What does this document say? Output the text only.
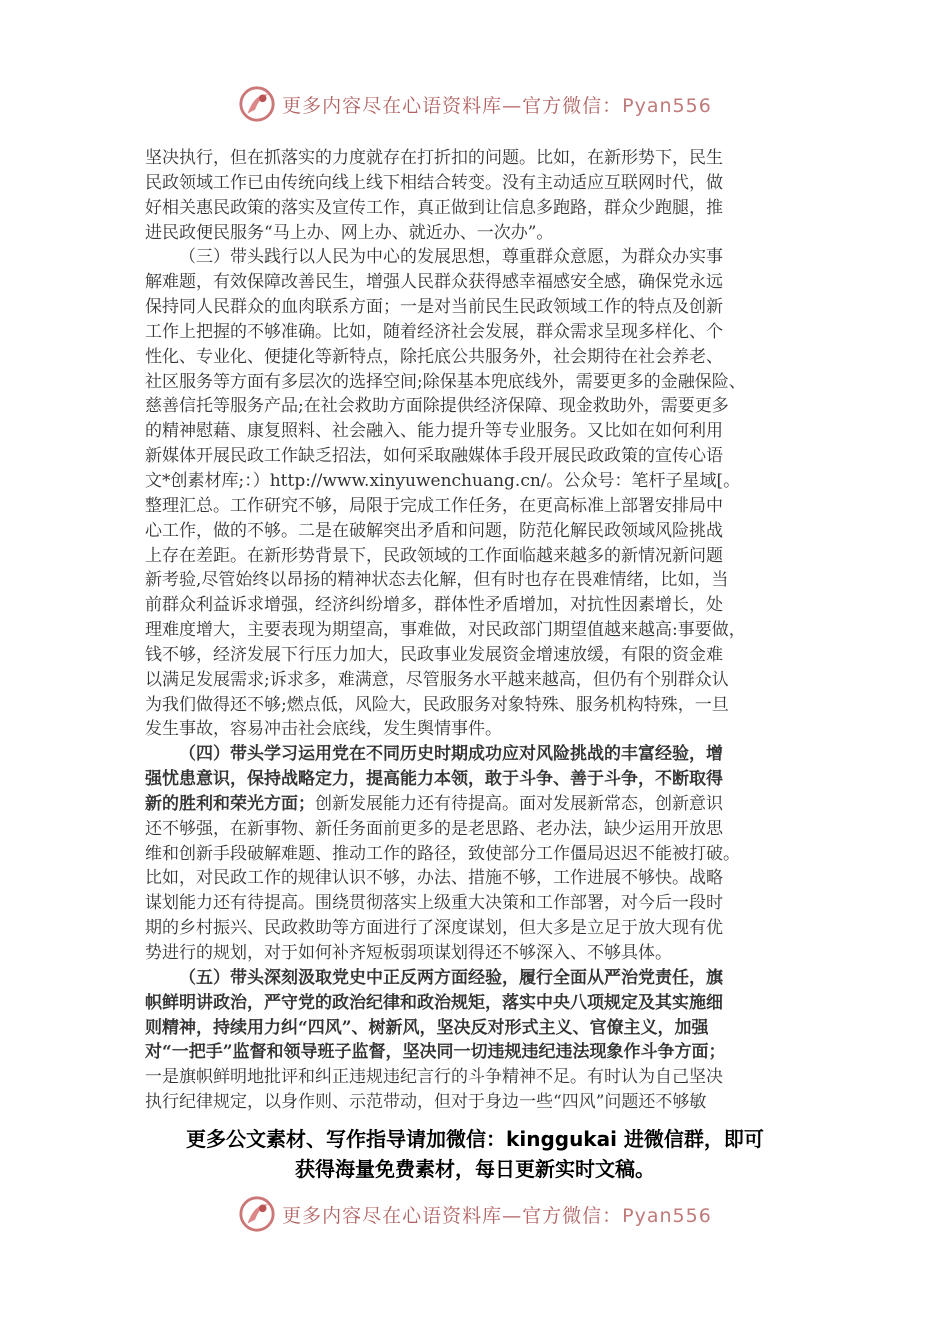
更多内容尽在心语资料库—官方微信：Pyan556
坚决执行，但在抓落实的力度就存在打折扣的问题。比如，在新形势下，民生
民政领域工作已由传统向线上线下相结合转变。没有主动适应互联网时代，做
好相关惠民政策的落实及宣传工作，真正做到让信息多跑路，群众少跑腿，推
进民政便民服务“马上办、网上办、就近办、一次办”。
（三）带头践行以人民为中心的发展思想，尊重群众意愿，为群众办实事
解难题，有效保障改善民生，增强人民群众获得感幸福感安全感，确保党永远
保持同人民群众的血肉联系方面；一是对当前民生民政领域工作的特点及创新
工作上把握的不够准确。比如，随着经济社会发展，群众需求呈现多样化、个
性化、专业化、便捷化等新特点，除托底公共服务外，社会期待在社会养老、
社区服务等方面有多层次的选择空间;除保基本兜底线外，需要更多的金融保险、
慈善信托等服务产品;在社会救助方面除提供经济保障、现金救助外，需要更多
的精神慰藉、康复照料、社会融入、能力提升等专业服务。又比如在如何利用
新媒体开展民政工作缺乏招法，如何采取融媒体手段开展民政政策的宣传心语
文*创素材库;：）http://www.xinyuwenchuang.cn/。公众号：笔杆子星域[。
整理汇总。工作研究不够，局限于完成工作任务，在更高标准上部署安排局中
心工作，做的不够。二是在破解突出矛盾和问题，防范化解民政领域风险挑战
上存在差距。在新形势背景下，民政领域的工作面临越来越多的新情况新问题
新考验,尽管始终以昂扬的精神状态去化解，但有时也存在畏难情绪，比如，当
前群众利益诉求增强，经济纠纷增多，群体性矛盾增加，对抗性因素增长，处
理难度增大，主要表现为期望高，事难做，对民政部门期望值越来越高:事要做，
钱不够，经济发展下行压力加大，民政事业发展资金增速放缓，有限的资金难
以满足发展需求;诉求多，难满意，尽管服务水平越来越高，但仍有个别群众认
为我们做得还不够;燃点低，风险大，民政服务对象特殊、服务机构特殊，一旦
发生事故，容易冲击社会底线，发生舆情事件。
（四）带头学习运用党在不同历史时期成功应对风险挑战的丰富经验，增
强忧患意识，保持战略定力，提高能力本领，敢于斗争、善于斗争，不断取得
新的胜利和荣光方面；创新发展能力还有待提高。面对发展新常态，创新意识
还不够强，在新事物、新任务面前更多的是老思路、老办法，缺少运用开放思
维和创新手段破解难题、推动工作的路径，致使部分工作僵局迟迟不能被打破。
比如，对民政工作的规律认识不够，办法、措施不够，工作进展不够快。战略
谋划能力还有待提高。围绕贯彻落实上级重大决策和工作部署，对今后一段时
期的乡村振兴、民政救助等方面进行了深度谋划，但大多是立足于放大现有优
势进行的规划，对于如何补齐短板弱项谋划得还不够深入、不够具体。
（五）带头深刻汲取党史中正反两方面经验，履行全面从严治党责任，旗
帜鲜明讲政治，严守党的政治纪律和政治规矩，落实中央八项规定及其实施细
则精神，持续用力纠“四风”、树新风，坚决反对形式主义、官僚主义，加强
对“一把手”监督和领导班子监督，坚决同一切违规违纪违法现象作斗争方面；
一是旗帜鲜明地批评和纠正违规违纪言行的斗争精神不足。有时认为自己坚决
执行纪律规定，以身作则、示范带动，但对于身边一些“四风”问题还不够敏
更多公文素材、写作指导请加微信：kinggukai 进微信群，即可
获得海量免费素材，每日更新实时文稿。
更多内容尽在心语资料库—官方微信：Pyan556
